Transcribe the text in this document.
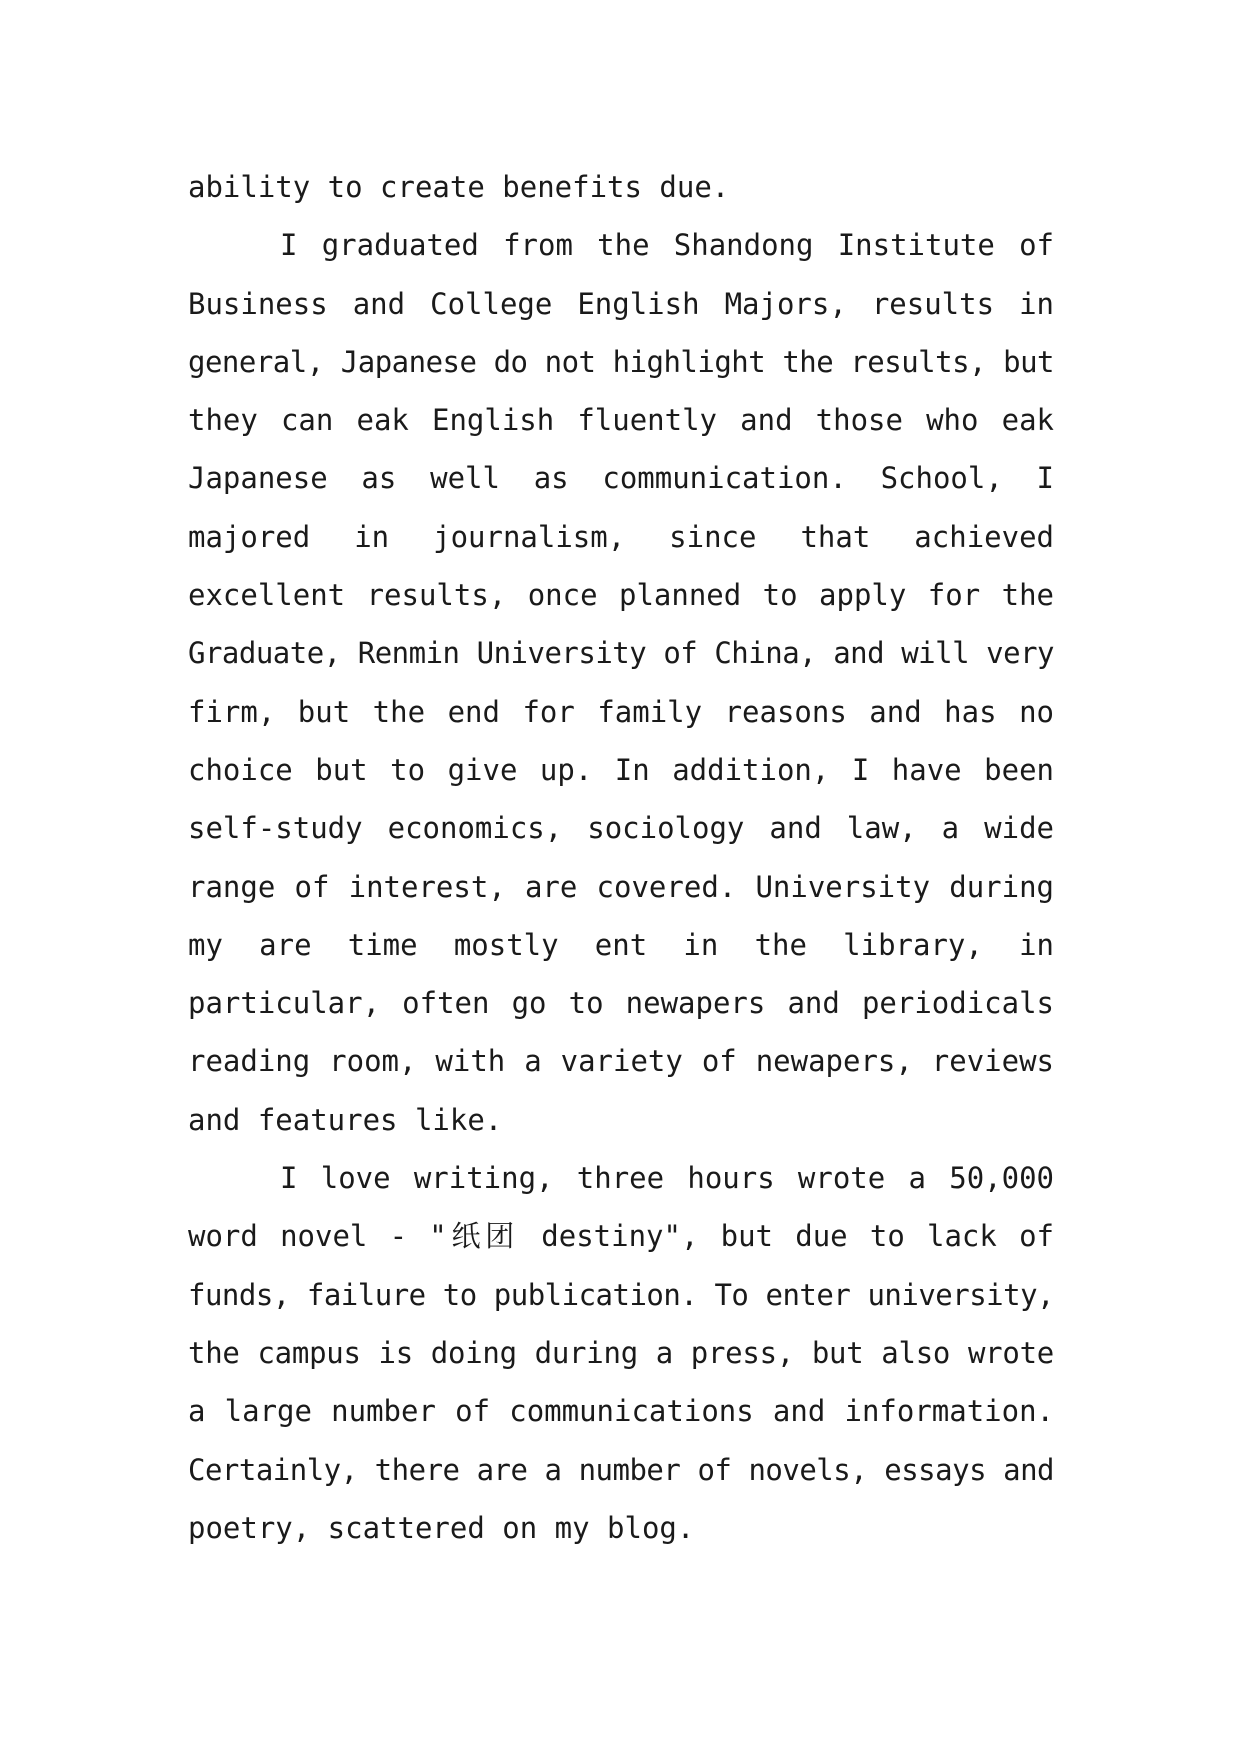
ability to create benefits due.
I graduated from the Shandong Institute of
Business and College English Majors, results in
general, Japanese do not highlight the results, but
they can eak English fluently and those who eak
Japanese as well as communication. School, I
majored in journalism, since that achieved
excellent results, once planned to apply for the
Graduate, Renmin University of China, and will very
firm, but the end for family reasons and has no
choice but to give up. In addition, I have been
self-study economics, sociology and law, a wide
range of interest, are covered. University during
my are time mostly ent in the library, in
particular, often go to newapers and periodicals
reading room, with a variety of newapers, reviews
and features like.
I love writing, three hours wrote a 50,000
word novel - "纸团 destiny", but due to lack of
funds, failure to publication. To enter university,
the campus is doing during a press, but also wrote
a large number of communications and information.
Certainly, there are a number of novels, essays and
poetry, scattered on my blog.
